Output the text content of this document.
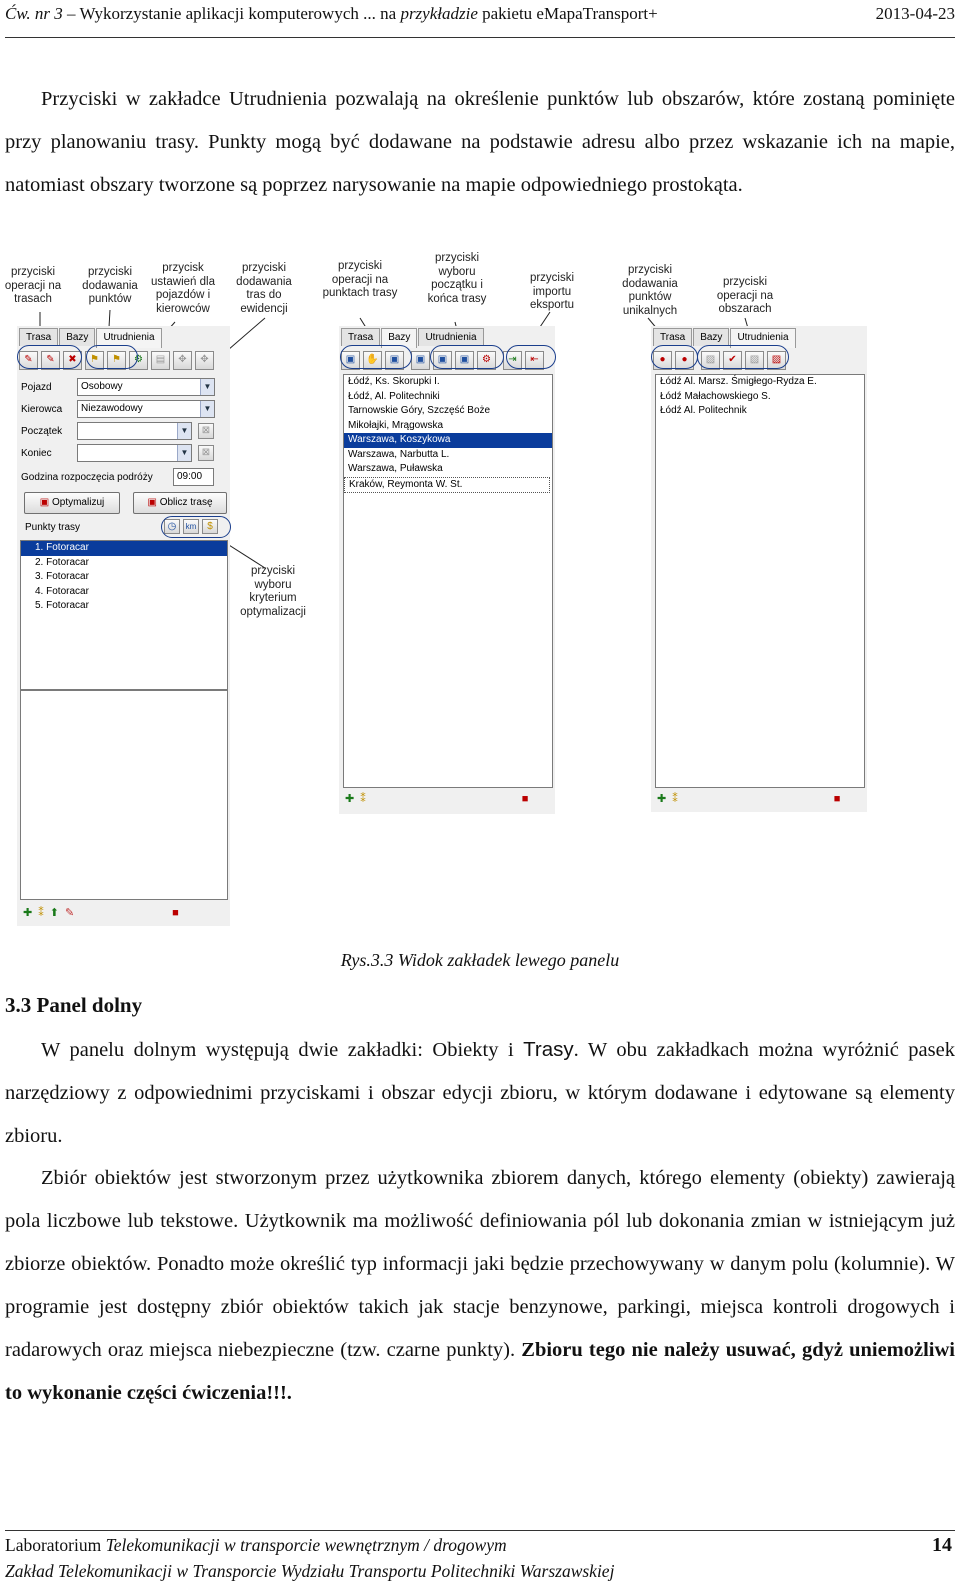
Ćw. nr 3 – Wykorzystanie aplikacji komputerowych ... na przykładzie pakietu eMapaTransport+	2013-04-23
Przyciski w zakładce Utrudnienia pozwalają na określenie punktów lub obszarów, które zostaną pominięte przy planowaniu trasy. Punkty mogą być dodawane na podstawie adresu albo przez wskazanie ich na mapie, natomiast obszary tworzone są poprzez narysowanie na mapie odpowiedniego prostokąta.
przyciski operacji na trasach
przyciski dodawania punktów
przycisk ustawień dla pojazdów i kierowców
przyciski dodawania tras do ewidencji
przyciski operacji na punktach trasy
przyciski wyboru początku i końca trasy
przyciski importu eksportu
przyciski dodawania punktów unikalnych
przyciski operacji na obszarach
przyciski wyboru kryterium optymalizacji
Trasa	Bazy	Utrudnienia
✎	✎	✖	⚑	⚑	⚙	▤	✥	✥
Pojazd	Osobowy	▼
Kierowca	Niezawodowy	▼
Początek	▼	⊠
Koniec	▼	⊠
Godzina rozpoczęcia podróży	09:00
▣ Optymalizuj	▣ Oblicz trasę
Punkty trasy	◷	km	$
1. Fotoracar
2. Fotoracar
3. Fotoracar
4. Fotoracar
5. Fotoracar
✚ ⁑ ⬆ ✎	■
Trasa	Bazy	Utrudnienia
▣	✋	▣	▣	▣	▣	⚙	⇥	⇤
Łódź, Ks. Skorupki I.
Łódź, Al. Politechniki
Tarnowskie Góry, Szczęść Boże
Mikołajki, Mrągowska
Warszawa, Koszykowa
Warszawa, Narbutta L.
Warszawa, Puławska
Kraków, Reymonta W. St.
✚ ⁑	■
Trasa	Bazy	Utrudnienia
●	●	▨	✔	▨	▨
Łódź Al. Marsz. Śmigłego-Rydza E.
Łódź Małachowskiego S.
Łódź Al. Politechnik
✚ ⁑	■
Rys.3.3 Widok zakładek lewego panelu
3.3 Panel dolny
W panelu dolnym występują dwie zakładki: Obiekty i Trasy. W obu zakładkach można wyróżnić pasek narzędziowy z odpowiednimi przyciskami i obszar edycji zbioru, w którym dodawane i edytowane są elementy zbioru.
Zbiór obiektów jest stworzonym przez użytkownika zbiorem danych, którego elementy (obiekty) zawierają pola liczbowe lub tekstowe. Użytkownik ma możliwość definiowania pól lub dokonania zmian w istniejącym już zbiorze obiektów. Ponadto może określić typ informacji jaki będzie przechowywany w danym polu (kolumnie). W programie jest dostępny zbiór obiektów takich jak stacje benzynowe, parkingi, miejsca kontroli drogowych i radarowych oraz miejsca niebezpieczne (tzw. czarne punkty). Zbioru tego nie należy usuwać, gdyż uniemożliwi to wykonanie części ćwiczenia!!!.
Laboratorium Telekomunikacji w transporcie wewnętrznym / drogowym
Zakład Telekomunikacji w Transporcie Wydziału Transportu Politechniki Warszawskiej
14
